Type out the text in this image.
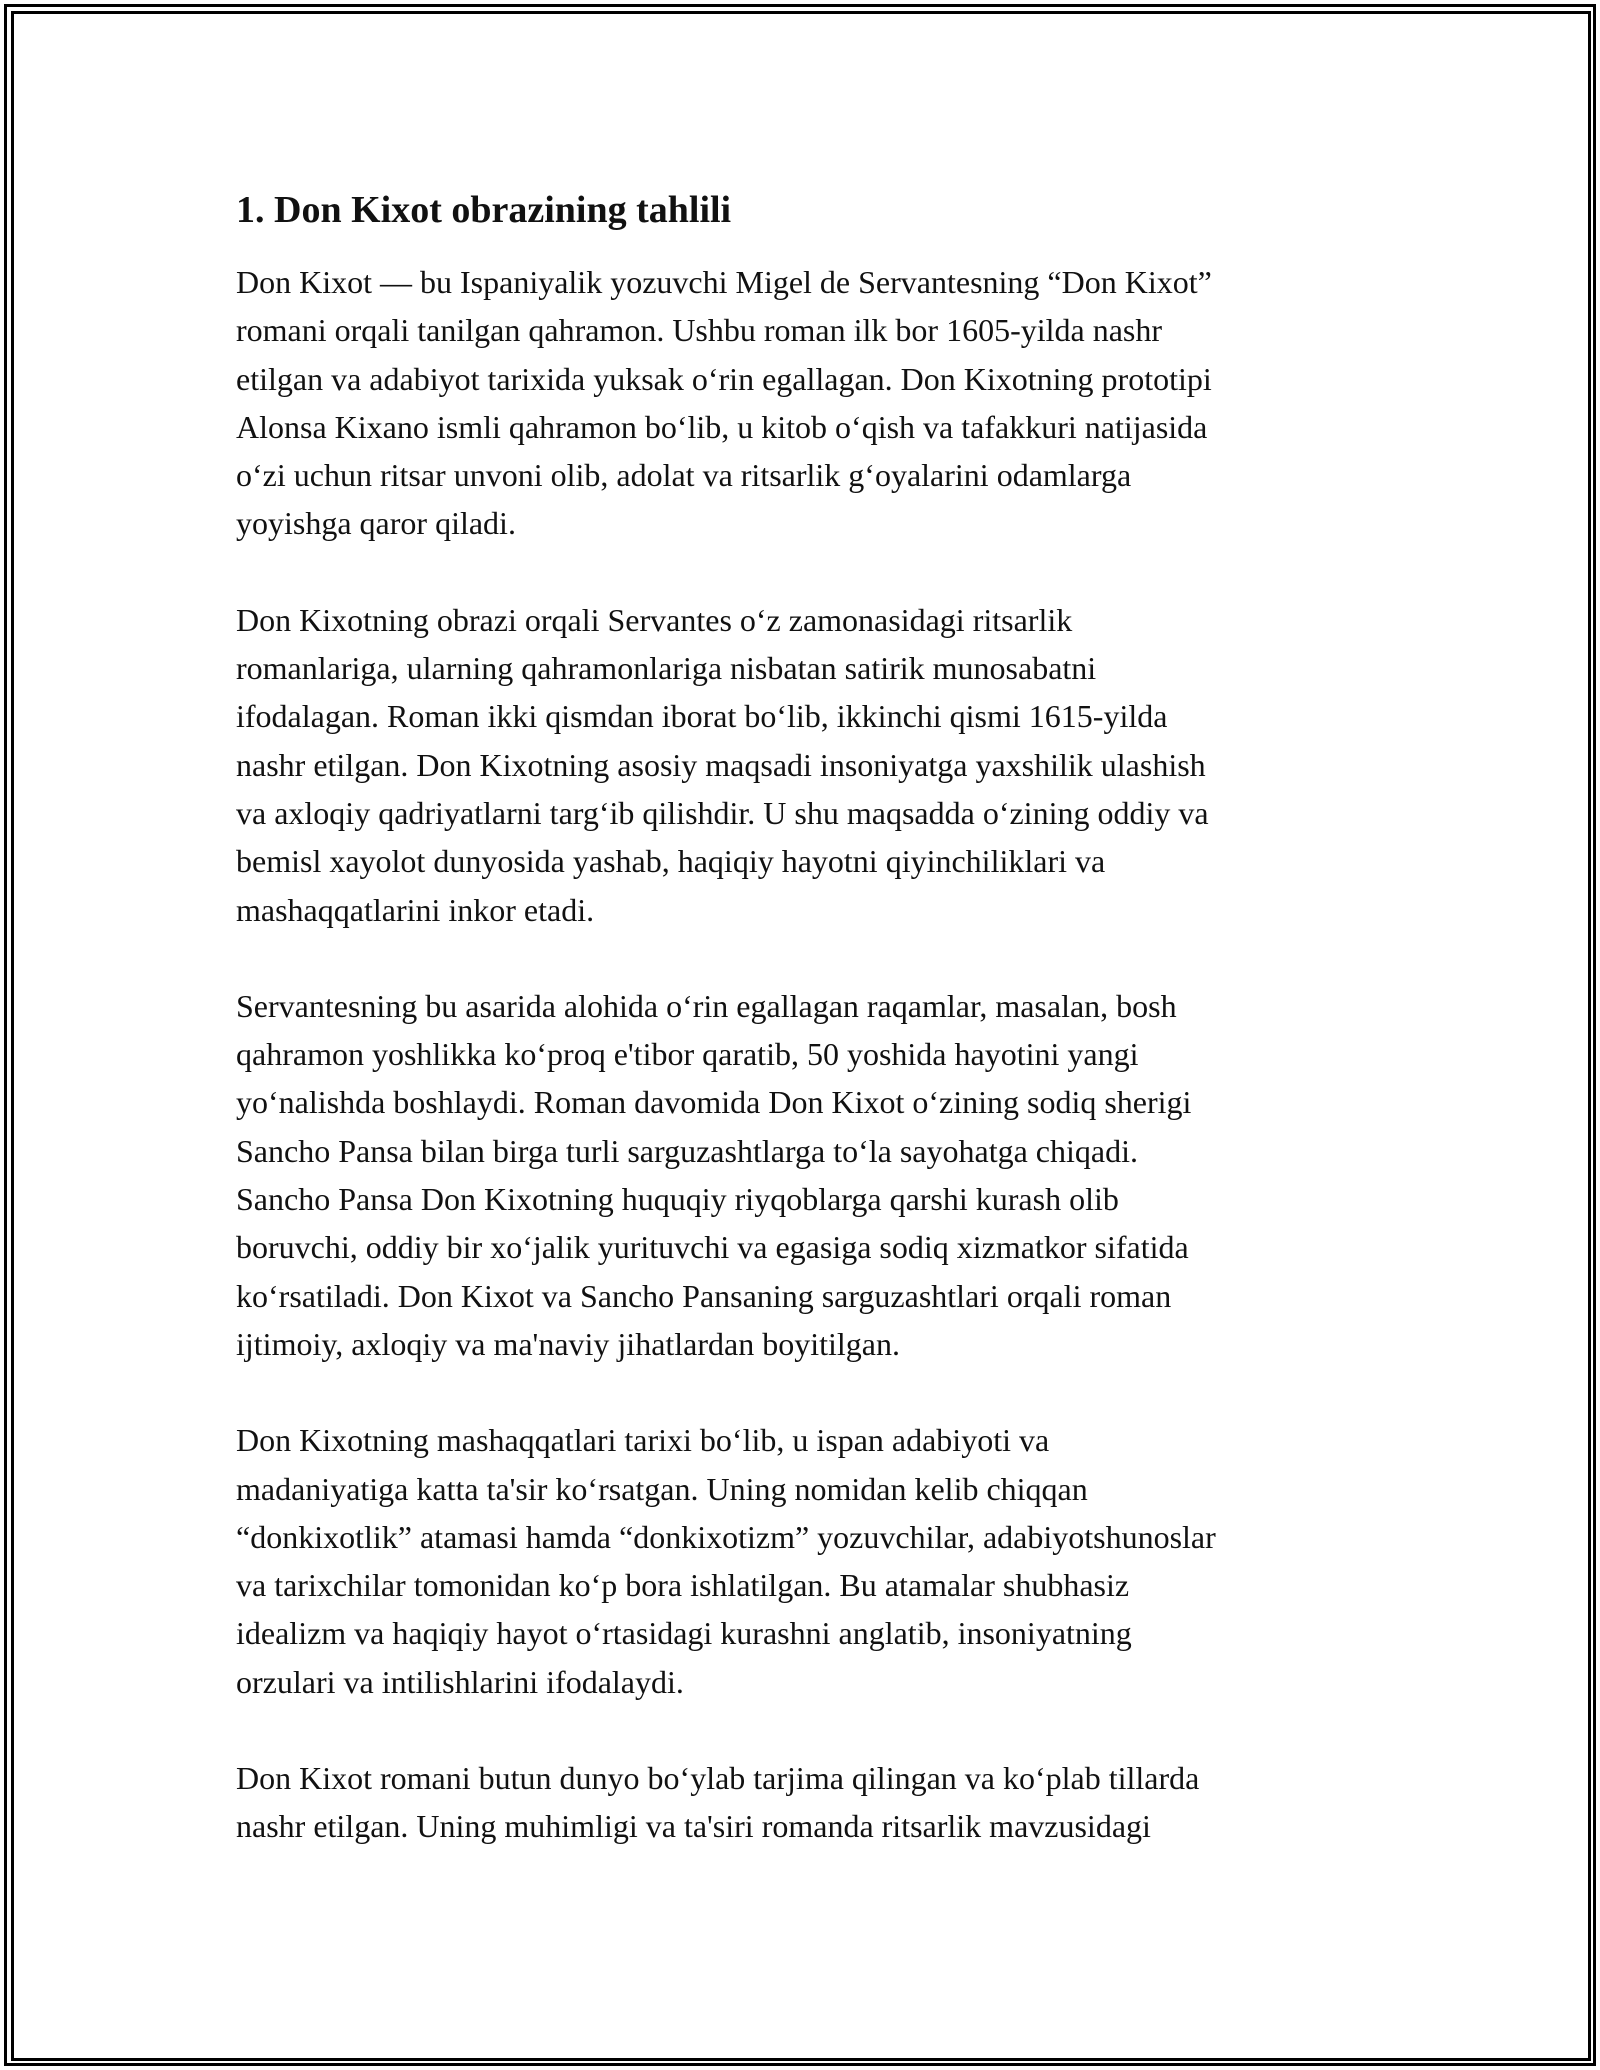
1. Don Kixot obrazining tahlili

Don Kixot — bu Ispaniyalik yozuvchi Migel de Servantesning “Don Kixot”
romani orqali tanilgan qahramon. Ushbu roman ilk bor 1605-yilda nashr
etilgan va adabiyot tarixida yuksak oʻrin egallagan. Don Kixotning prototipi
Alonsa Kixano ismli qahramon boʻlib, u kitob oʻqish va tafakkuri natijasida
oʻzi uchun ritsar unvoni olib, adolat va ritsarlik gʻoyalarini odamlarga
yoyishga qaror qiladi.

Don Kixotning obrazi orqali Servantes oʻz zamonasidagi ritsarlik
romanlariga, ularning qahramonlariga nisbatan satirik munosabatni
ifodalagan. Roman ikki qismdan iborat boʻlib, ikkinchi qismi 1615-yilda
nashr etilgan. Don Kixotning asosiy maqsadi insoniyatga yaxshilik ulashish
va axloqiy qadriyatlarni targʻib qilishdir. U shu maqsadda oʻzining oddiy va
bemisl xayolot dunyosida yashab, haqiqiy hayotni qiyinchiliklari va
mashaqqatlarini inkor etadi.

Servantesning bu asarida alohida oʻrin egallagan raqamlar, masalan, bosh
qahramon yoshlikka koʻproq e'tibor qaratib, 50 yoshida hayotini yangi
yoʻnalishda boshlaydi. Roman davomida Don Kixot oʻzining sodiq sherigi
Sancho Pansa bilan birga turli sarguzashtlarga toʻla sayohatga chiqadi.
Sancho Pansa Don Kixotning huquqiy riyqoblarga qarshi kurash olib
boruvchi, oddiy bir xoʻjalik yurituvchi va egasiga sodiq xizmatkor sifatida
koʻrsatiladi. Don Kixot va Sancho Pansaning sarguzashtlari orqali roman
ijtimoiy, axloqiy va ma'naviy jihatlardan boyitilgan.

Don Kixotning mashaqqatlari tarixi boʻlib, u ispan adabiyoti va
madaniyatiga katta ta'sir koʻrsatgan. Uning nomidan kelib chiqqan
“donkixotlik” atamasi hamda “donkixotizm” yozuvchilar, adabiyotshunoslar
va tarixchilar tomonidan koʻp bora ishlatilgan. Bu atamalar shubhasiz
idealizm va haqiqiy hayot oʻrtasidagi kurashni anglatib, insoniyatning
orzulari va intilishlarini ifodalaydi.

Don Kixot romani butun dunyo boʻylab tarjima qilingan va koʻplab tillarda
nashr etilgan. Uning muhimligi va ta'siri romanda ritsarlik mavzusidagi
